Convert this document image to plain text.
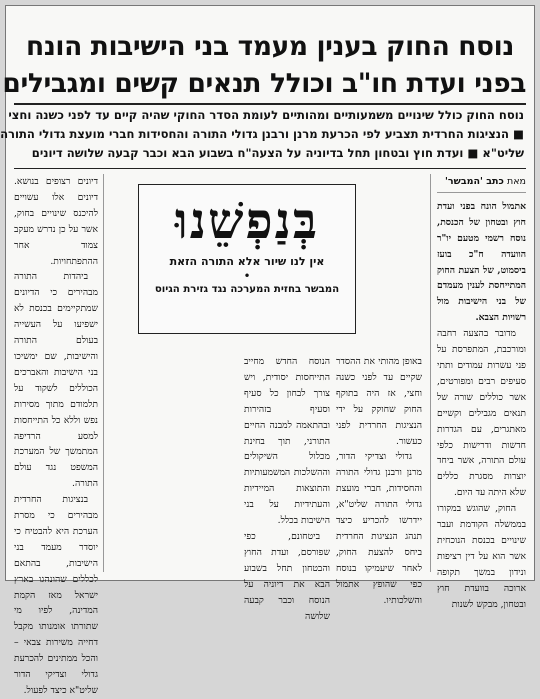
נוסח החוק בענין מעמד בני הישיבות הונח
בפני ועדת חו"ב וכולל תנאים קשים ומגבילים

נוסח החוק כולל שינויים משמעותיים ומהותיים לעומת הסדר החוקי שהיה קיים עד לפני כשנה וחצי

■ הנציגות החרדית תצביע לפי הכרעת מרנן ורבנן גדולי התורה והחסידות חברי מועצת גדולי התורה

שליט"א ■ ועדת חוץ ובטחון תחל בדיוניה על הצעה"ח בשבוע הבא וכבר קבעה שלושה דיונים

מאת כתב 'המבשר'

אתמול הונח בפני ועדת חוץ ובטחון של הכנסת, נוסח רשמי מטעם יו"ר הוועדה ח"כ בועז ביסמוט, של הצעת החוק המתייחסת לענין מעמדם של בני הישיבות מול רשויות הצבא.

מדובר בהצעה רחבה ומורכבת, המתפרסת על פני עשרות עמודים ותתי סעיפים רבים ומפורטים, אשר כוללים שורה של תנאים מגבילים וקשיים מאתגרים, עם הגדרות חדשות ודרישות כלפי עולם התורה, אשר ביחד יוצרות מסגרת כללים שלא היתה עד היום.

החוק, שהוגש במקורו בממשלה הקודמת ועבר שינויים בכנסת הנוכחית אשר הוא על דין רציפות ונידון במשך תקופה ארוכה בוועדת חוץ ובטחון, מבקש לשנות

בְּנַפְשֵׁנוּ
אין לנו שיור אלא התורה הזאת
•
המבשר בחזית המערכה נגד גזירת הגיוס

באופן מהותי את ההסדר שקיים עד לפני כשנה וחצי, אז היה בתוקף החוק שחוקק על ידי הנציגות החרדית לפני כעשור.

גדולי וצדיקי הדור, מרנן ורבנן גדולי התורה והחסידות, חברי מועצת גדולי התורה שליט"א, יידרשו להכריע כיצד תנהג הנציגות החרדית ביחס להצעת החוק, לאחר שיעמיקו בנוסח כפי שהופץ אתמול והשלכותיו.

הנוסח החדש מחייב התייחסות יסודית, ויש צורך לבחון כל סעיף וסעיף בזהירות ובהתאמה למבנה החיים התורני, תוך בחינת מכלול השיקולים וההשלכות המשמעותיות והתוצאות המיידיות והעתידיות על בני הישיבות בכלל.

ביטחונם, כפי שפורסם, ועדת החוץ והבטחון תחל בשבוע הבא את דיוניה על הנוסח וכבר קבעה שלושה

דיונים רצופים בנושא. דיונים אלו עשויים להיכנס שינויים בחוק, אשר על כן נדרש מעקב צמוד אחר ההתפתחויות.

ביהדות התורה מבהירים כי הדיונים שמתקיימים בכנסת לא ישפיעו על העשייה בעולם התורה והישיבות, שם ימשיכו בני הישיבות והאברכים הכוללים לשקוד על תלמודם מתוך מסירות נפש וללא כל התייחסות למסע הרדיפה המתמשך של המערכת המשפט נגד עולם התורה.

בנציגות החרדית מבהירים כי מסרת הערכת היא להבטיח כי יוסדר מעמד בני הישיבות, בהתאם לכללים שהונהגו בארץ ישראל מאז הקמת המדינה, לפיו מי שתורתו אומנותו מקבל דחייה משירות צבאי – והכל ממתינים להכרעת גדולי וצדיקי הדור שליט"א כיצד לפעול.
